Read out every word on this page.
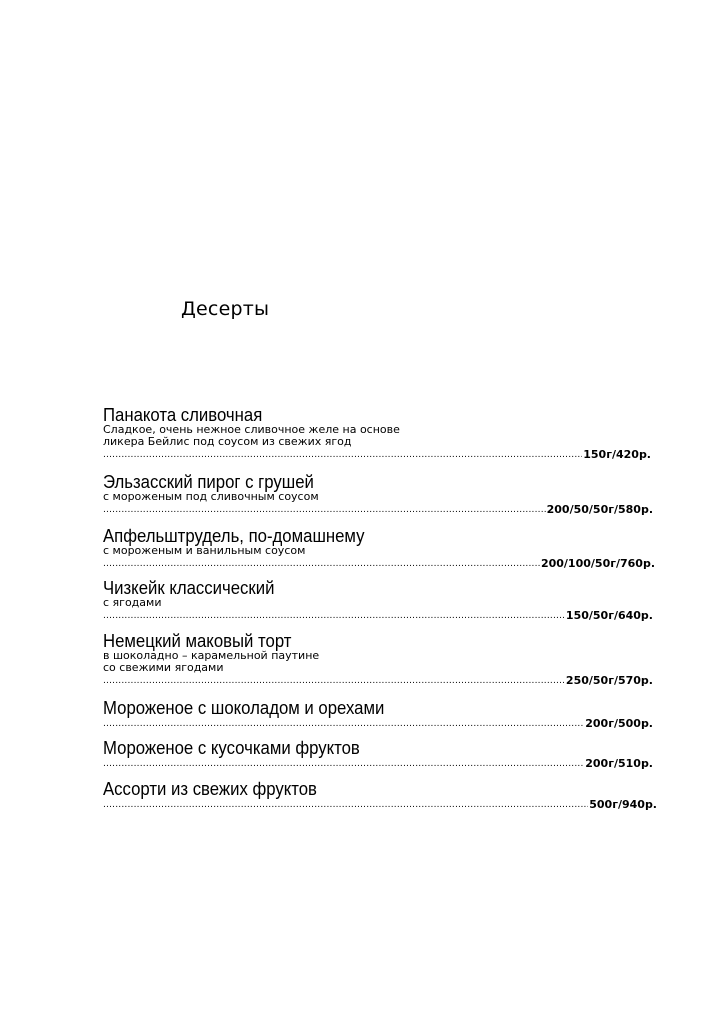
Десерты
Панакота сливочная
Сладкое, очень нежное сливочное желе на основе
ликера Бейлис под соусом из свежих ягод
.....
150г/420р.
Эльзасский пирог с грушей
с мороженым под сливочным соусом
.....
200/50/50г/580р.
Апфельштрудель, по-домашнему
с мороженым и ванильным соусом
.....
200/100/50г/760р.
Чизкейк классический
с ягодами
.....
150/50г/640р.
Немецкий маковый торт
в шоколадно – карамельной паутине
со свежими ягодами
.....
250/50г/570р.
Мороженое с шоколадом и орехами
.....
200г/500р.
Мороженое с кусочками фруктов
.....
200г/510р.
Ассорти из свежих фруктов
.....
500г/940р.
